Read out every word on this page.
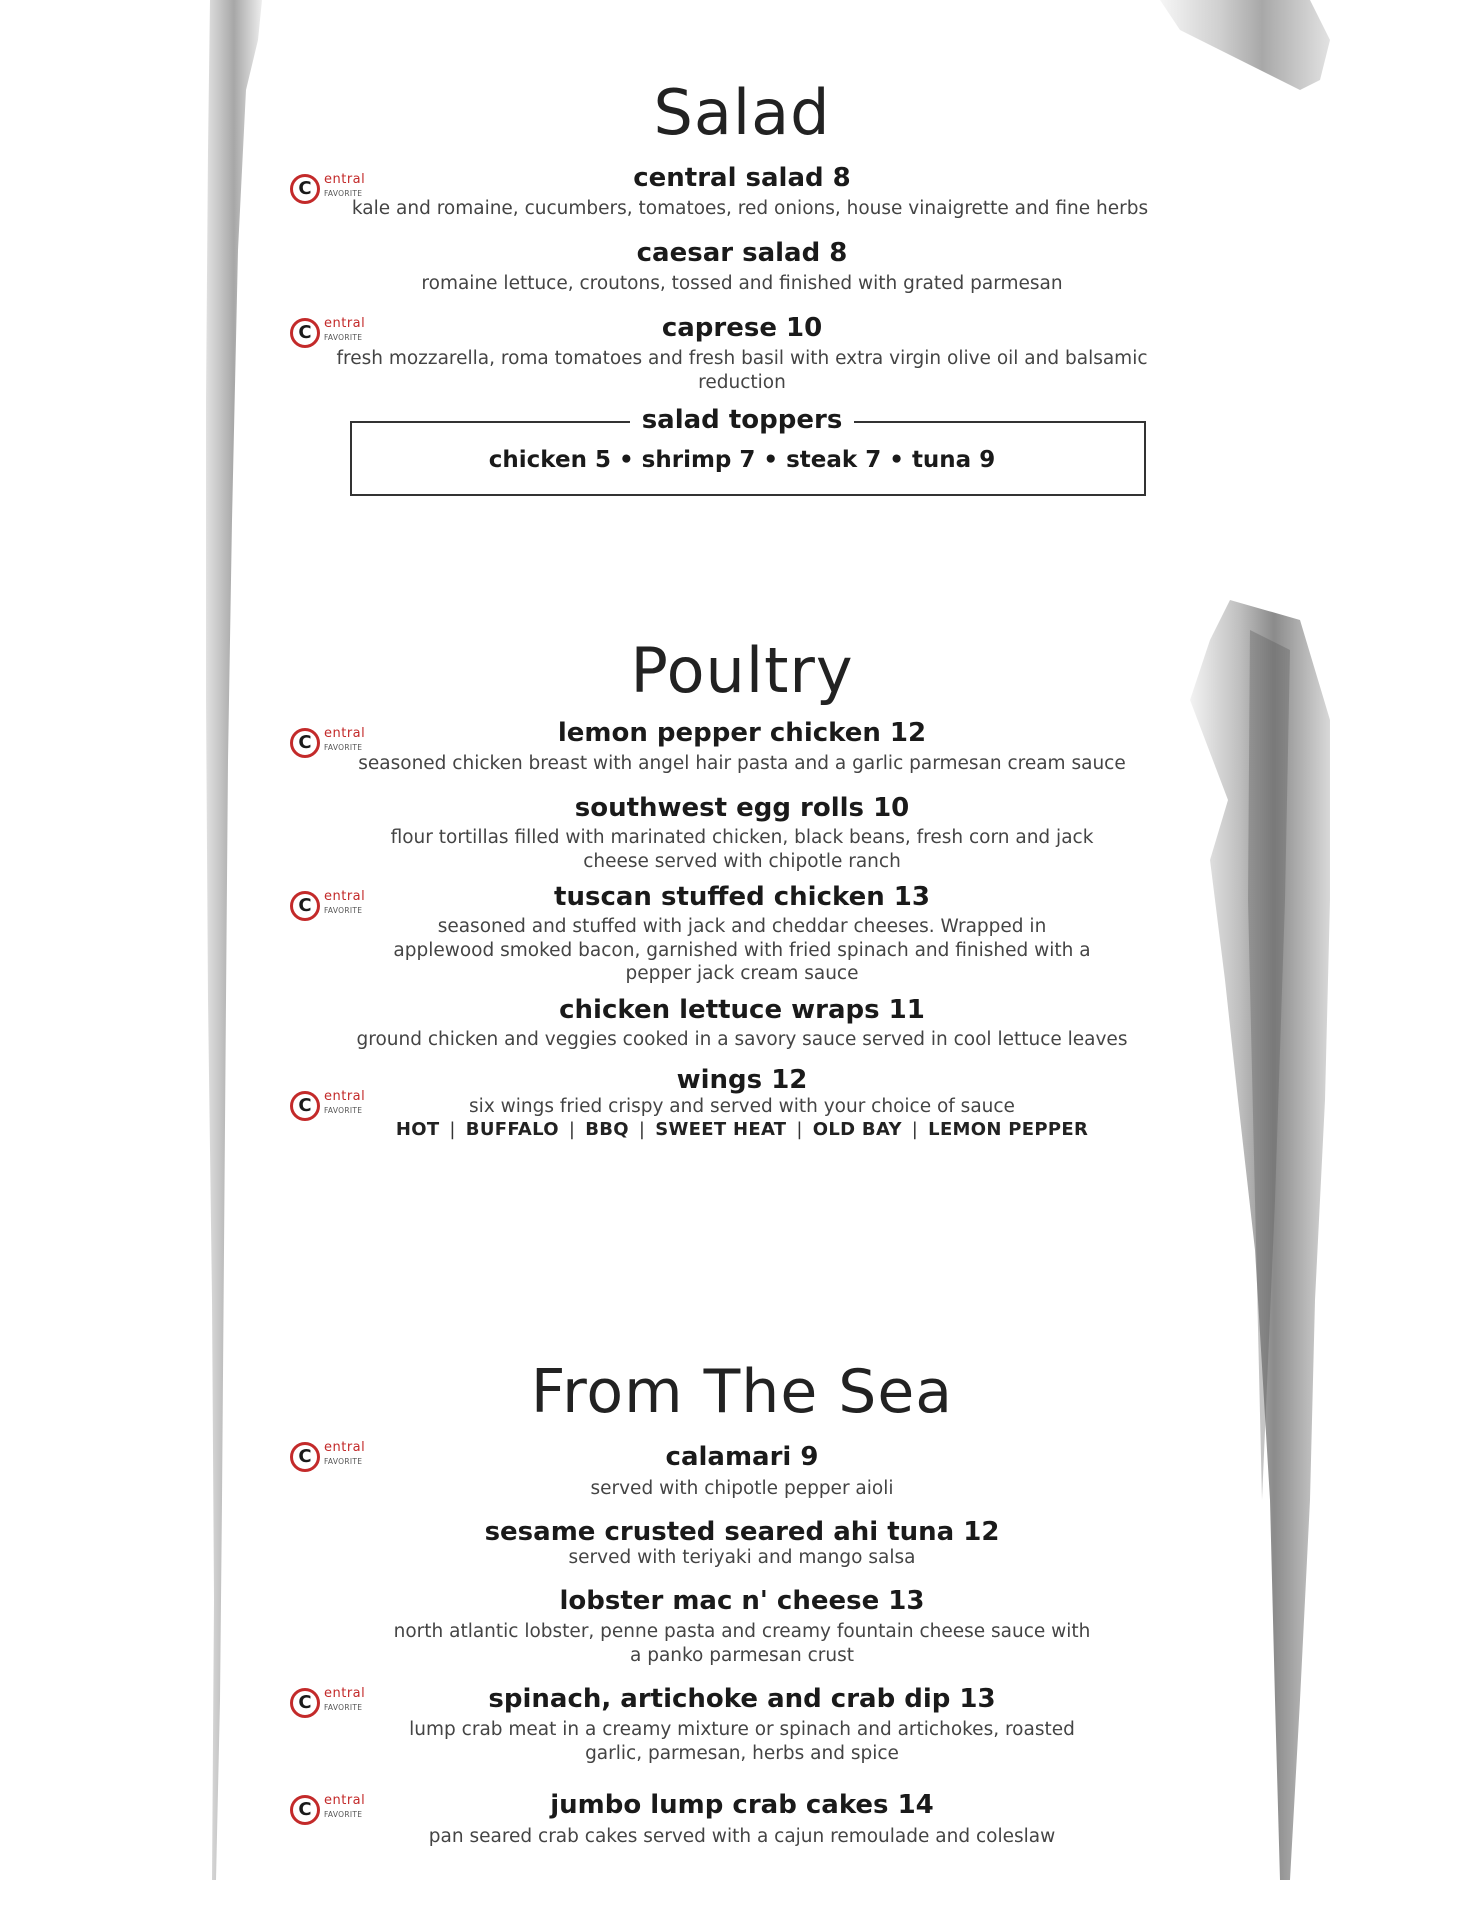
Salad
C entral
FAVORITE
central salad 8
kale and romaine, cucumbers, tomatoes, red onions, house vinaigrette and fine herbs
caesar salad 8
romaine lettuce, croutons, tossed and finished with grated parmesan
C entral
FAVORITE	caprese 10
fresh mozzarella, roma tomatoes and fresh basil with extra virgin olive oil and balsamic reduction
salad toppers
chicken 5 • shrimp 7 • steak 7 • tuna 9
Poultry
C entral
FAVORITE	lemon pepper chicken 12
seasoned chicken breast with angel hair pasta and a garlic parmesan cream sauce
southwest egg rolls 10
flour tortillas filled with marinated chicken, black beans, fresh corn and jack
cheese served with chipotle ranch
C entral
FAVORITE	tuscan stuffed chicken 13
seasoned and stuffed with jack and cheddar cheeses. Wrapped in
applewood smoked bacon, garnished with fried spinach and finished with a
pepper jack cream sauce
chicken lettuce wraps 11
ground chicken and veggies cooked in a savory sauce served in cool lettuce leaves
C entral
FAVORITE
wings 12
six wings fried crispy and served with your choice of sauce
HOT | BUFFALO | BBQ | SWEET HEAT | OLD BAY | LEMON PEPPER
From The Sea
C entral
FAVORITE	calamari 9
served with chipotle pepper aioli
sesame crusted seared ahi tuna 12
served with teriyaki and mango salsa
lobster mac n' cheese 13
north atlantic lobster, penne pasta and creamy fountain cheese sauce with
a panko parmesan crust
C entral
FAVORITE	spinach, artichoke and crab dip 13
lump crab meat in a creamy mixture or spinach and artichokes, roasted
garlic, parmesan, herbs and spice
C entral
FAVORITE	jumbo lump crab cakes 14
pan seared crab cakes served with a cajun remoulade and coleslaw
